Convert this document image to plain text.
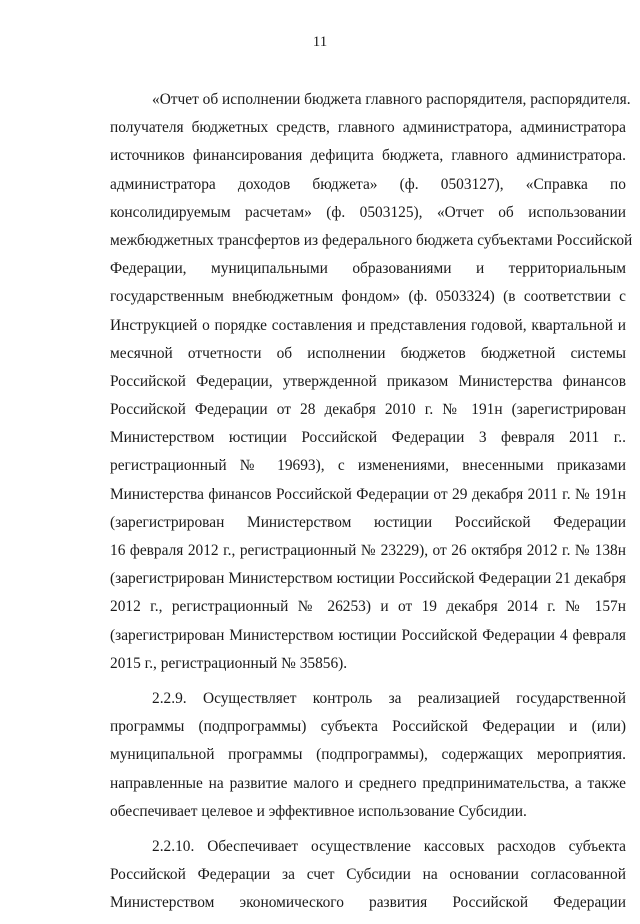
11
«Отчет об исполнении бюджета главного распорядителя, распорядителя.
получателя бюджетных средств, главного администратора, администратора
источников финансирования дефицита бюджета, главного администратора.
администратора доходов бюджета» (ф. 0503127), «Справка по
консолидируемым расчетам» (ф. 0503125), «Отчет об использовании
межбюджетных трансфертов из федерального бюджета субъектами Российской
Федерации, муниципальными образованиями и территориальным
государственным внебюджетным фондом» (ф. 0503324) (в соответствии с
Инструкцией о порядке составления и представления годовой, квартальной и
месячной отчетности об исполнении бюджетов бюджетной системы
Российской Федерации, утвержденной приказом Министерства финансов
Российской Федерации от 28 декабря 2010 г. № 191н (зарегистрирован
Министерством юстиции Российской Федерации 3 февраля 2011 г..
регистрационный № 19693), с изменениями, внесенными приказами
Министерства финансов Российской Федерации от 29 декабря 2011 г. № 191н
(зарегистрирован Министерством юстиции Российской Федерации
16 февраля 2012 г., регистрационный № 23229), от 26 октября 2012 г. № 138н
(зарегистрирован Министерством юстиции Российской Федерации 21 декабря
2012 г., регистрационный № 26253) и от 19 декабря 2014 г. № 157н
(зарегистрирован Министерством юстиции Российской Федерации 4 февраля
2015 г., регистрационный № 35856).
2.2.9. Осуществляет контроль за реализацией государственной
программы (подпрограммы) субъекта Российской Федерации и (или)
муниципальной программы (подпрограммы), содержащих мероприятия.
направленные на развитие малого и среднего предпринимательства, а также
обеспечивает целевое и эффективное использование Субсидии.
2.2.10. Обеспечивает осуществление кассовых расходов субъекта
Российской Федерации за счет Субсидии на основании согласованной
Министерством экономического развития Российской Федерации
